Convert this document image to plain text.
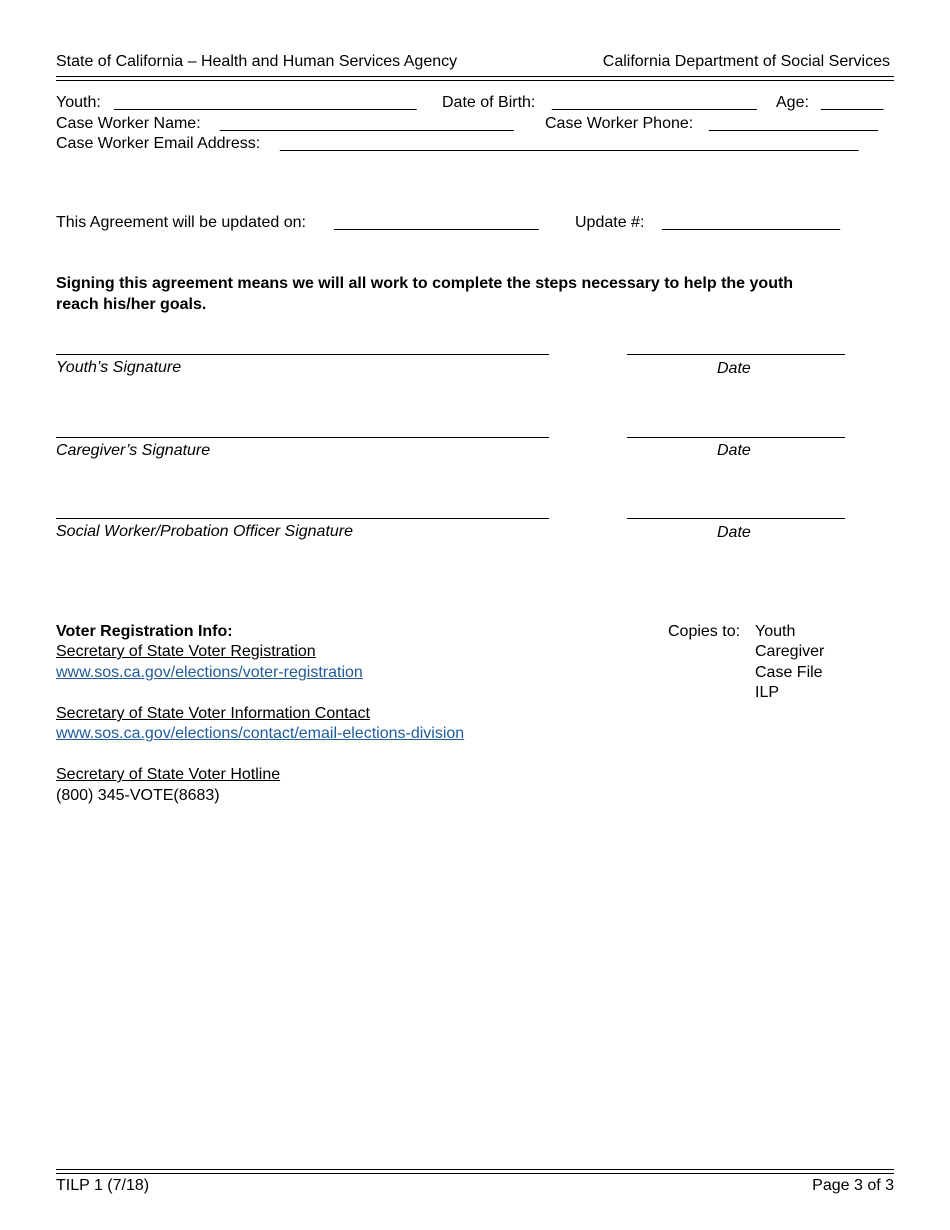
State of California – Health and Human Services Agency	California Department of Social Services
Youth: __________________________________ Date of Birth: _______________________ Age: _______
Case Worker Name: _________________________________ Case Worker Phone: ___________________
Case Worker Email Address: _________________________________________________________________
This Agreement will be updated on: _______________________ Update #: ____________________
Signing this agreement means we will all work to complete the steps necessary to help the youth
reach his/her goals.
Youth’s Signature	Date
Caregiver’s Signature	Date
Social Worker/Probation Officer Signature	Date
Voter Registration Info:
Secretary of State Voter Registration
www.sos.ca.gov/elections/voter-registration
Secretary of State Voter Information Contact
www.sos.ca.gov/elections/contact/email-elections-division
Secretary of State Voter Hotline
(800) 345-VOTE(8683)
Copies to: Youth
Caregiver
Case File
ILP
TILP 1 (7/18)	Page 3 of 3
